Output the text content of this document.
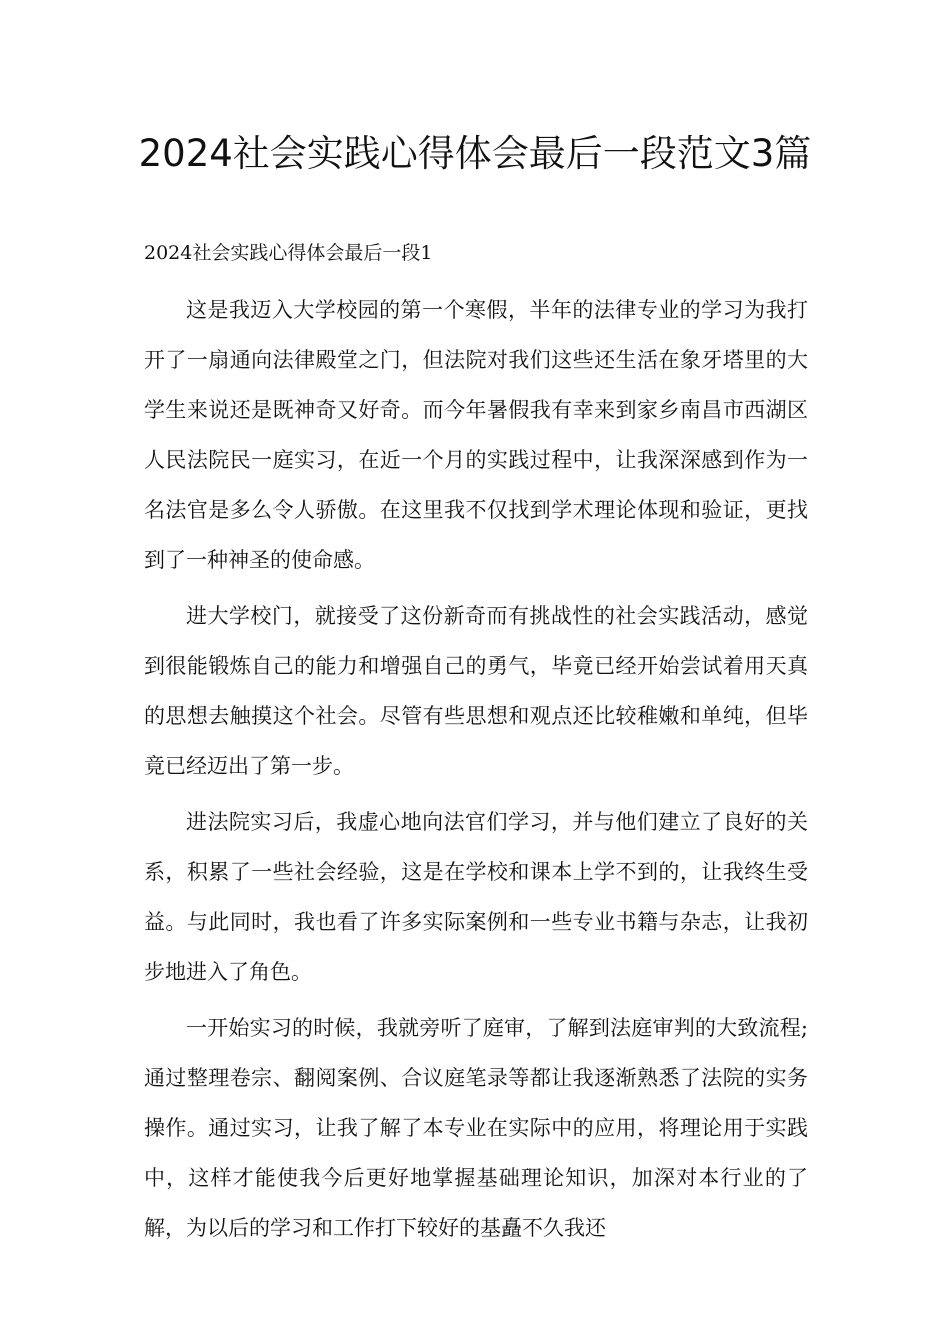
2024社会实践心得体会最后一段范文3篇
2024社会实践心得体会最后一段1

这是我迈入大学校园的第一个寒假，半年的法律专业的学习为我打开了一扇通向法律殿堂之门，但法院对我们这些还生活在象牙塔里的大学生来说还是既神奇又好奇。而今年暑假我有幸来到家乡南昌市西湖区人民法院民一庭实习，在近一个月的实践过程中，让我深深感到作为一名法官是多么令人骄傲。在这里我不仅找到学术理论体现和验证，更找到了一种神圣的使命感。

进大学校门，就接受了这份新奇而有挑战性的社会实践活动，感觉到很能锻炼自己的能力和增强自己的勇气，毕竟已经开始尝试着用天真的思想去触摸这个社会。尽管有些思想和观点还比较稚嫩和单纯，但毕竟已经迈出了第一步。

进法院实习后，我虚心地向法官们学习，并与他们建立了良好的关系，积累了一些社会经验，这是在学校和课本上学不到的，让我终生受益。与此同时，我也看了许多实际案例和一些专业书籍与杂志，让我初步地进入了角色。

一开始实习的时候，我就旁听了庭审，了解到法庭审判的大致流程;通过整理卷宗、翻阅案例、合议庭笔录等都让我逐渐熟悉了法院的实务操作。通过实习，让我了解了本专业在实际中的应用，将理论用于实践中，这样才能使我今后更好地掌握基础理论知识，加深对本行业的了解，为以后的学习和工作打下较好的基矗不久我还
